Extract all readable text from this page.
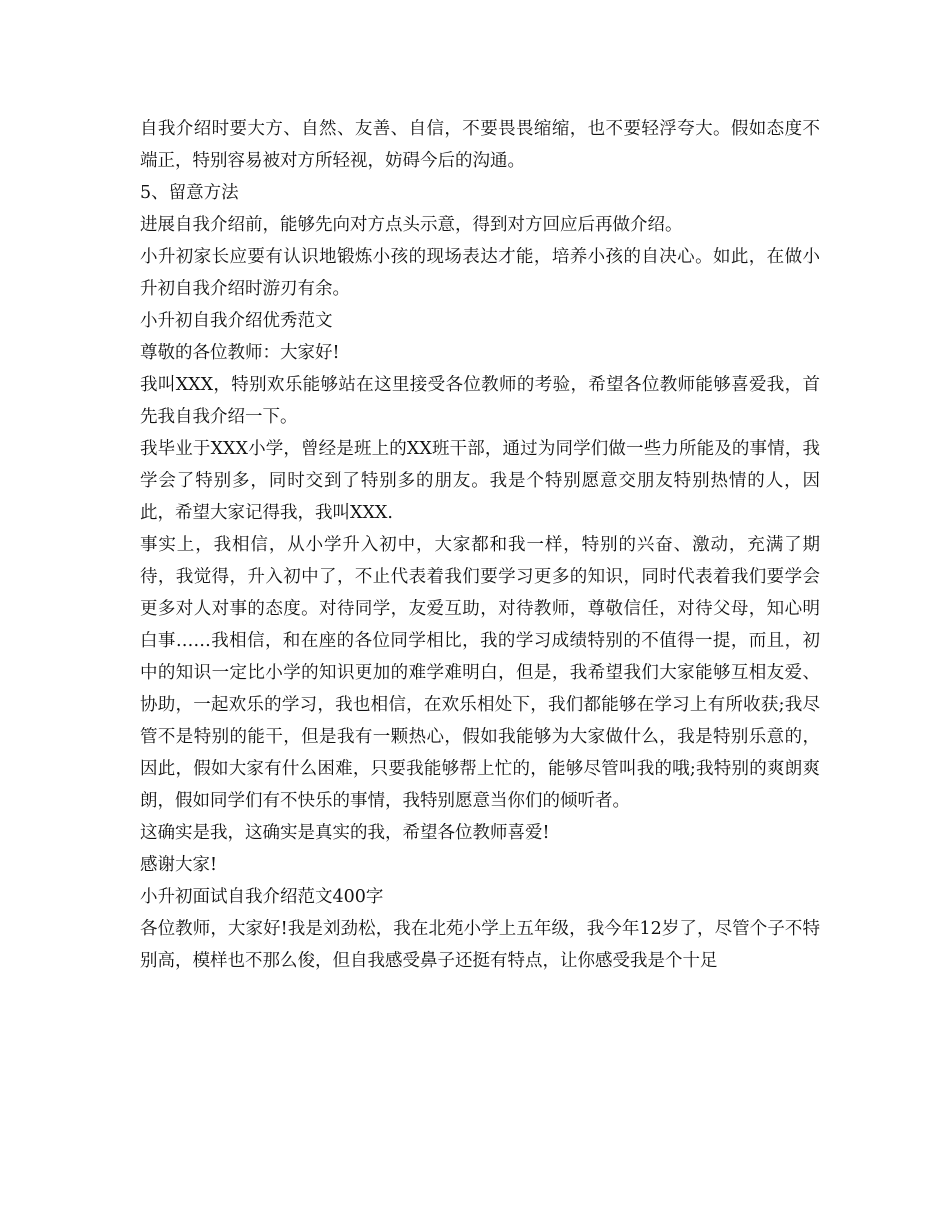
自我介绍时要大方、自然、友善、自信，不要畏畏缩缩，也不要轻浮夸大。假如态度不端正，特别容易被对方所轻视，妨碍今后的沟通。

5、留意方法

进展自我介绍前，能够先向对方点头示意，得到对方回应后再做介绍。

小升初家长应要有认识地锻炼小孩的现场表达才能，培养小孩的自决心。如此，在做小升初自我介绍时游刃有余。

小升初自我介绍优秀范文

尊敬的各位教师：大家好!

我叫XXX，特别欢乐能够站在这里接受各位教师的考验，希望各位教师能够喜爱我，首先我自我介绍一下。

我毕业于XXX小学，曾经是班上的XX班干部，通过为同学们做一些力所能及的事情，我学会了特别多，同时交到了特别多的朋友。我是个特别愿意交朋友特别热情的人，因此，希望大家记得我，我叫XXX.

事实上，我相信，从小学升入初中，大家都和我一样，特别的兴奋、激动，充满了期待，我觉得，升入初中了，不止代表着我们要学习更多的知识，同时代表着我们要学会更多对人对事的态度。对待同学，友爱互助，对待教师，尊敬信任，对待父母，知心明白事……我相信，和在座的各位同学相比，我的学习成绩特别的不值得一提，而且，初中的知识一定比小学的知识更加的难学难明白，但是，我希望我们大家能够互相友爱、协助，一起欢乐的学习，我也相信，在欢乐相处下，我们都能够在学习上有所收获;我尽管不是特别的能干，但是我有一颗热心，假如我能够为大家做什么，我是特别乐意的，因此，假如大家有什么困难，只要我能够帮上忙的，能够尽管叫我的哦;我特别的爽朗爽朗，假如同学们有不快乐的事情，我特别愿意当你们的倾听者。

这确实是我，这确实是真实的我，希望各位教师喜爱!

感谢大家!

小升初面试自我介绍范文400字

各位教师，大家好!我是刘劲松，我在北苑小学上五年级，我今年12岁了，尽管个子不特别高，模样也不那么俊，但自我感受鼻子还挺有特点，让你感受我是个十足
